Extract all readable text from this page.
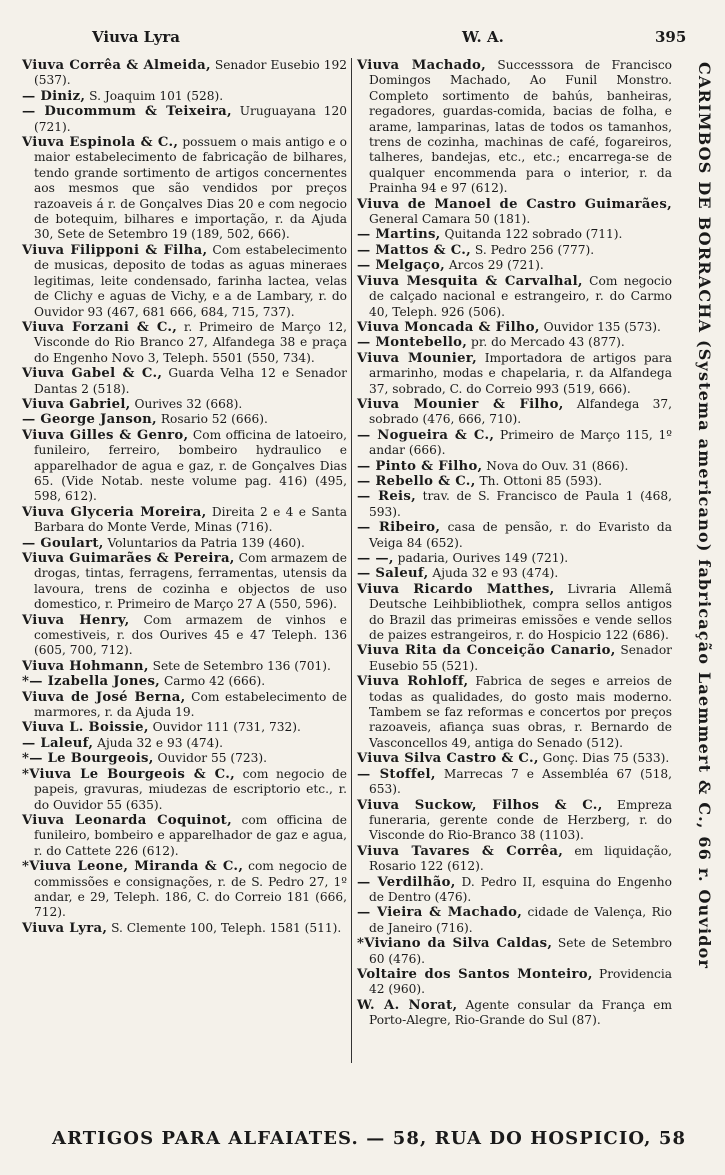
Viuva Lyra	W. A.	395
Viuva Corrêa & Almeida, Senador Eusebio 192 (537).
— Diniz, S. Joaquim 101 (528).
— Ducommum & Teixeira, Uruguayana 120 (721).
Viuva Espinola & C., possuem o mais antigo e o maior estabelecimento de fabricação de bilhares, tendo grande sortimento de artigos concernentes aos mesmos que são vendidos por preços razoaveis á r. de Gonçalves Dias 20 e com negocio de botequim, bilhares e importação, r. da Ajuda 30, Sete de Setembro 19 (189, 502, 666).
Viuva Filipponi & Filha, Com estabelecimento de musicas, deposito de todas as aguas mineraes legitimas, leite condensado, farinha lactea, velas de Clichy e aguas de Vichy, e a de Lambary, r. do Ouvidor 93 (467, 681 666, 684, 715, 737).
Viuva Forzani & C., r. Primeiro de Março 12, Visconde do Rio Branco 27, Alfandega 38 e praça do Engenho Novo 3, Teleph. 5501 (550, 734).
Viuva Gabel & C., Guarda Velha 12 e Senador Dantas 2 (518).
Viuva Gabriel, Ourives 32 (668).
— George Janson, Rosario 52 (666).
Viuva Gilles & Genro, Com officina de latoeiro, funileiro, ferreiro, bombeiro hydraulico e apparelhador de agua e gaz, r. de Gonçalves Dias 65. (Vide Notab. neste volume pag. 416) (495, 598, 612).
Viuva Glyceria Moreira, Direita 2 e 4 e Santa Barbara do Monte Verde, Minas (716).
— Goulart, Voluntarios da Patria 139 (460).
Viuva Guimarães & Pereira, Com armazem de drogas, tintas, ferragens, ferramentas, utensis da lavoura, trens de cozinha e objectos de uso domestico, r. Primeiro de Março 27 A (550, 596).
Viuva Henry, Com armazem de vinhos e comestiveis, r. dos Ourives 45 e 47 Teleph. 136 (605, 700, 712).
Viuva Hohmann, Sete de Setembro 136 (701).
*— Izabella Jones, Carmo 42 (666).
Viuva de José Berna, Com estabelecimento de marmores, r. da Ajuda 19.
Viuva L. Boissie, Ouvidor 111 (731, 732).
— Laleuf, Ajuda 32 e 93 (474).
*— Le Bourgeois, Ouvidor 55 (723).
*Viuva Le Bourgeois & C., com negocio de papeis, gravuras, miudezas de escriptorio etc., r. do Ouvidor 55 (635).
Viuva Leonarda Coquinot, com officina de funileiro, bombeiro e apparelhador de gaz e agua, r. do Cattete 226 (612).
*Viuva Leone, Miranda & C., com negocio de commissões e consignações, r. de S. Pedro 27, 1º andar, e 29, Teleph. 186, C. do Correio 181 (666, 712).
Viuva Lyra, S. Clemente 100, Teleph. 1581 (511).
Viuva Machado, Successsora de Francisco Domingos Machado, Ao Funil Monstro. Completo sortimento de bahús, banheiras, regadores, guardas-comida, bacias de folha, e arame, lamparinas, latas de todos os tamanhos, trens de cozinha, machinas de café, fogareiros, talheres, bandejas, etc., etc.; encarrega-se de qualquer encommenda para o interior, r. da Prainha 94 e 97 (612).
Viuva de Manoel de Castro Guimarães, General Camara 50 (181).
— Martins, Quitanda 122 sobrado (711).
— Mattos & C., S. Pedro 256 (777).
— Melgaço, Arcos 29 (721).
Viuva Mesquita & Carvalhal, Com negocio de calçado nacional e estrangeiro, r. do Carmo 40, Teleph. 926 (506).
Viuva Moncada & Filho, Ouvidor 135 (573).
— Montebello, pr. do Mercado 43 (877).
Viuva Mounier, Importadora de artigos para armarinho, modas e chapelaria, r. da Alfandega 37, sobrado, C. do Correio 993 (519, 666).
Viuva Mounier & Filho, Alfandega 37, sobrado (476, 666, 710).
— Nogueira & C., Primeiro de Março 115, 1º andar (666).
— Pinto & Filho, Nova do Ouv. 31 (866).
— Rebello & C., Th. Ottoni 85 (593).
— Reis, trav. de S. Francisco de Paula 1 (468, 593).
— Ribeiro, casa de pensão, r. do Evaristo da Veiga 84 (652).
— —, padaria, Ourives 149 (721).
— Saleuf, Ajuda 32 e 93 (474).
Viuva Ricardo Matthes, Livraria Allemã Deutsche Leihbibliothek, compra sellos antigos do Brazil das primeiras emissões e vende sellos de paizes estrangeiros, r. do Hospicio 122 (686).
Viuva Rita da Conceição Canario, Senador Eusebio 55 (521).
Viuva Rohloff, Fabrica de seges e arreios de todas as qualidades, do gosto mais moderno. Tambem se faz reformas e concertos por preços razoaveis, afiança suas obras, r. Bernardo de Vasconcellos 49, antiga do Senado (512).
Viuva Silva Castro & C., Gonç. Dias 75 (533).
— Stoffel, Marrecas 7 e Assembléa 67 (518, 653).
Viuva Suckow, Filhos & C., Empreza funeraria, gerente conde de Herzberg, r. do Visconde do Rio-Branco 38 (1103).
Viuva Tavares & Corrêa, em liquidação, Rosario 122 (612).
— Verdilhão, D. Pedro II, esquina do Engenho de Dentro (476).
— Vieira & Machado, cidade de Valença, Rio de Janeiro (716).
*Viviano da Silva Caldas, Sete de Setembro 60 (476).
Voltaire dos Santos Monteiro, Providencia 42 (960).
W. A. Norat, Agente consular da França em Porto-Alegre, Rio-Grande do Sul (87).
CARIMBOS DE BORRACHA (Systema americano) fabricação Laemmert & C., 66 r. Ouvidor
ARTIGOS PARA ALFAIATES. — 58, RUA DO HOSPICIO, 58
